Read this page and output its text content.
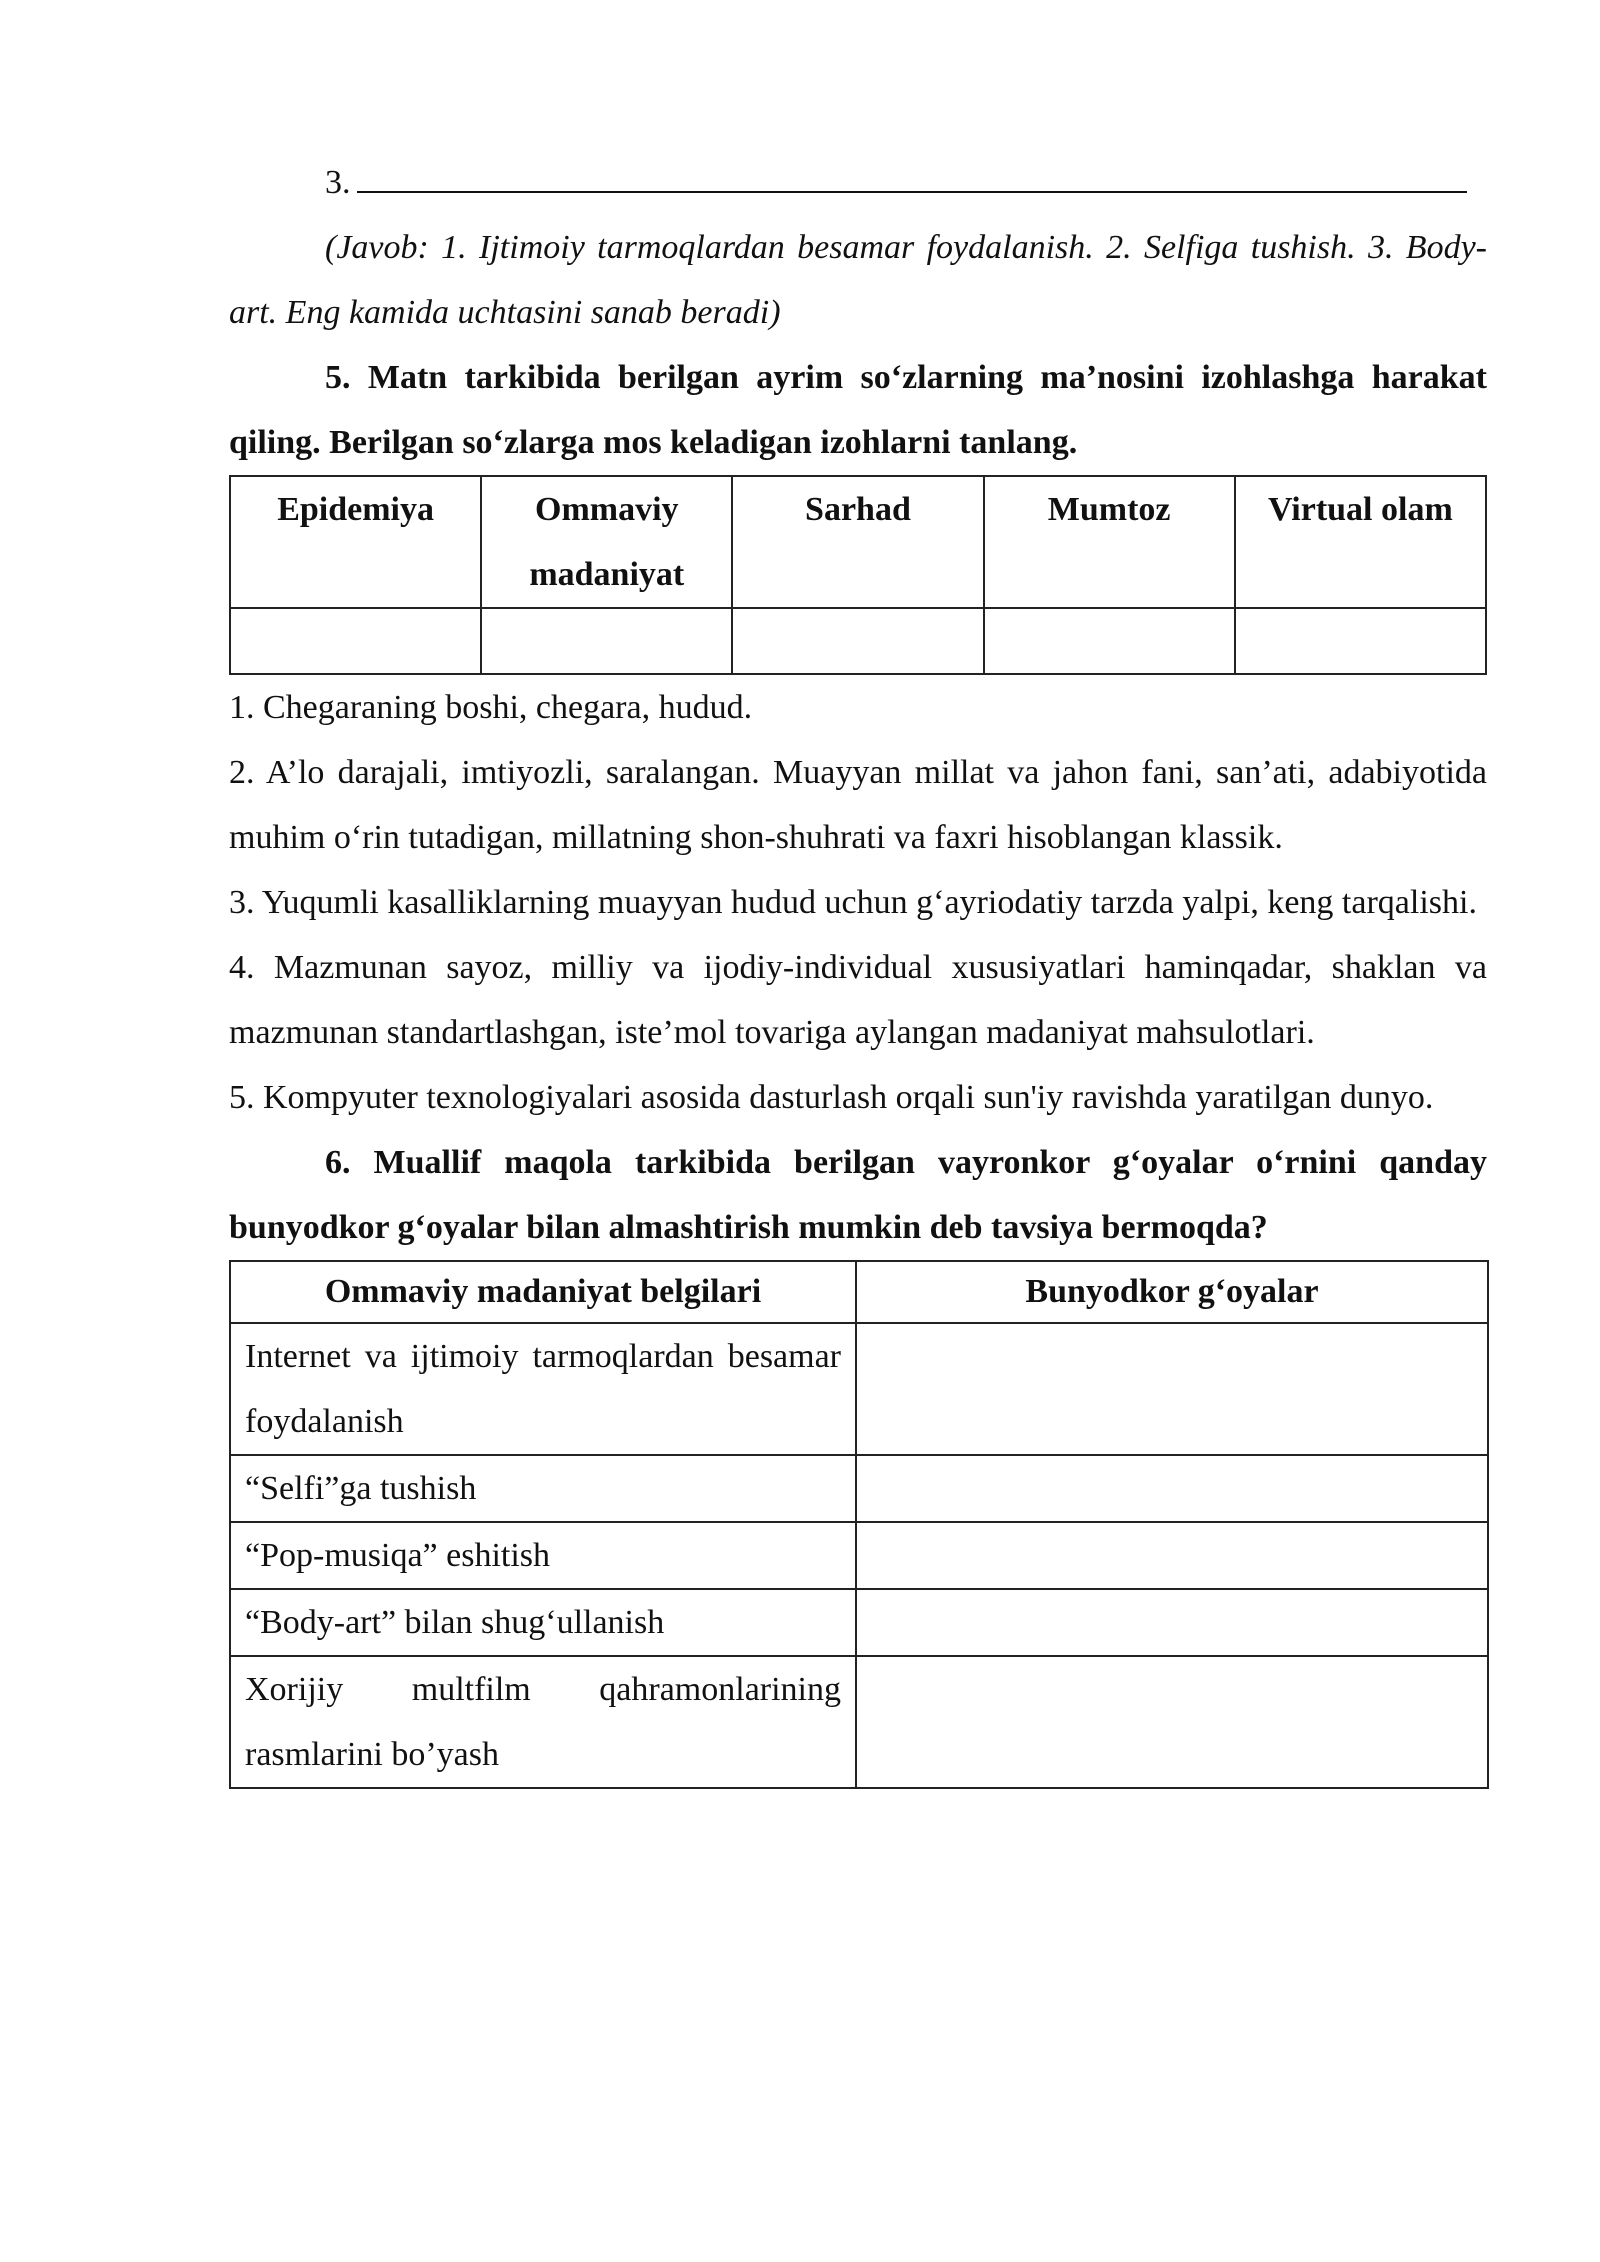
3.
(Javob: 1. Ijtimoiy tarmoqlardan besamar foydalanish. 2. Selfiga tushish. 3. Body-art. Eng kamida uchtasini sanab beradi)
5. Matn tarkibida berilgan ayrim so‘zlarning ma’nosini izohlashga harakat qiling. Berilgan so‘zlarga mos keladigan izohlarni tanlang.
Epidemiya	Ommaviy madaniyat	Sarhad	Mumtoz	Virtual olam

1. Chegaraning boshi, chegara, hudud.
2. A’lo darajali, imtiyozli, saralangan. Muayyan millat va jahon fani, san’ati, adabiyotida muhim o‘rin tutadigan, millatning shon-shuhrati va faxri hisoblangan klassik.
3. Yuqumli kasalliklarning muayyan hudud uchun g‘ayriodatiy tarzda yalpi, keng tarqalishi.
4. Mazmunan sayoz, milliy va ijodiy-individual xususiyatlari haminqadar, shaklan va mazmunan standartlashgan, iste’mol tovariga aylangan madaniyat mahsulotlari.
5. Kompyuter texnologiyalari asosida dasturlash orqali sun'iy ravishda yaratilgan dunyo.
6. Muallif maqola tarkibida berilgan vayronkor g‘oyalar o‘rnini qanday bunyodkor g‘oyalar bilan almashtirish mumkin deb tavsiya bermoqda?
Ommaviy madaniyat belgilari	Bunyodkor g‘oyalar
Internet va ijtimoiy tarmoqlardan besamar foydalanish	
“Selfi”ga tushish	
“Pop-musiqa” eshitish	
“Body-art” bilan shug‘ullanish	
Xorijiy multfilm qahramonlarining rasmlarini bo’yash	
